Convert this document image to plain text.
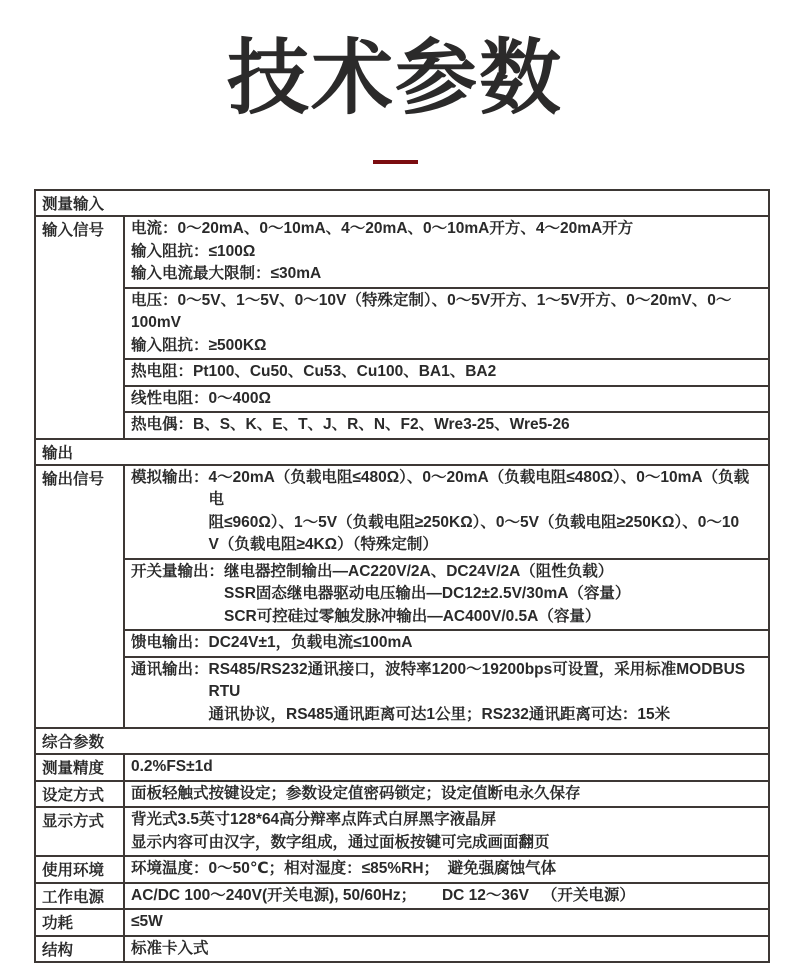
技术参数
测量输入	
输入信号	电流：0～20mA、0～10mA、4～20mA、0～10mA开方、4～20mA开方
输入阻抗：≤100Ω
输入电流最大限制：≤30mA

	电压：0～5V、1～5V、0～10V（特殊定制）、0～5V开方、1～5V开方、0～20mV、0～100mV
输入阻抗：≥500KΩ

	热电阻：Pt100、Cu50、Cu53、Cu100、BA1、BA2

	线性电阻：0～400Ω

	热电偶：B、S、K、E、T、J、R、N、F2、Wre3-25、Wre5-26

输出	
输出信号	模拟输出： 4～20mA（负载电阻≤480Ω）、0～20mA（负载电阻≤480Ω）、0～10mA（负载电
阻≤960Ω）、1～5V（负载电阻≥250KΩ）、0～5V（负载电阻≥250KΩ）、0～10
V（负载电阻≥4KΩ）（特殊定制）

	开关量输出： 继电器控制输出—AC220V/2A、DC24V/2A（阻性负载）
SSR固态继电器驱动电压输出—DC12±2.5V/30mA（容量）
SCR可控硅过零触发脉冲输出—AC400V/0.5A（容量）

	馈电输出： DC24V±1，负载电流≤100mA

	通讯输出： RS485/RS232通讯接口，波特率1200～19200bps可设置，采用标准MODBUS RTU
通讯协议，RS485通讯距离可达1公里；RS232通讯距离可达：15米

综合参数	
测量精度	0.2%FS±1d

设定方式	面板轻触式按键设定；参数设定值密码锁定；设定值断电永久保存

显示方式	背光式3.5英寸128*64高分辩率点阵式白屏黑字液晶屏
显示内容可由汉字，数字组成，通过面板按键可完成画面翻页

使用环境	环境温度：0～50℃；相对湿度：≤85%RH；  避免强腐蚀气体

工作电源	AC/DC 100～240V(开关电源), 50/60Hz；      DC 12～36V   （开关电源）

功耗	≤5W

结构	标准卡入式
